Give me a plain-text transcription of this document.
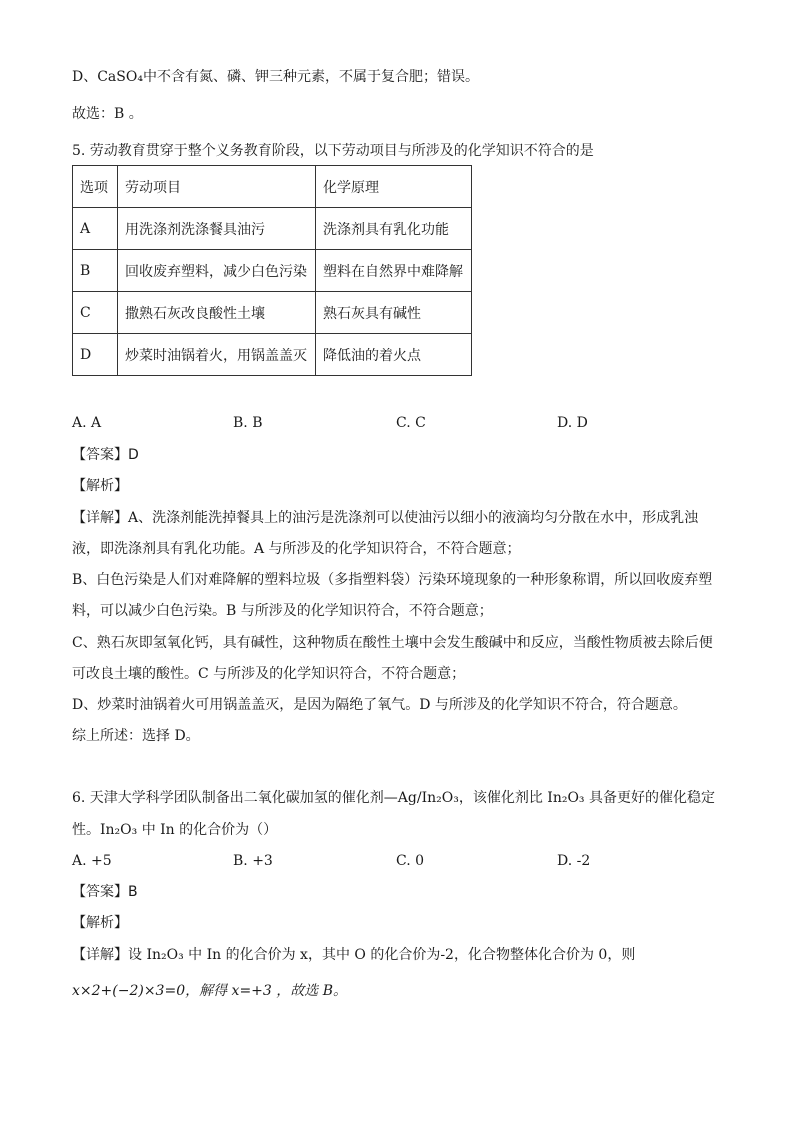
D、CaSO₄中不含有氮、磷、钾三种元素，不属于复合肥；错误。
故选：B 。
5. 劳动教育贯穿于整个义务教育阶段，以下劳动项目与所涉及的化学知识不符合的是
选项	劳动项目	化学原理
A	用洗涤剂洗涤餐具油污	洗涤剂具有乳化功能
B	回收废弃塑料，减少白色污染	塑料在自然界中难降解
C	撒熟石灰改良酸性土壤	熟石灰具有碱性
D	炒菜时油锅着火，用锅盖盖灭	降低油的着火点
A. A	B. B	C. C	D. D
【答案】D
【解析】
【详解】A、洗涤剂能洗掉餐具上的油污是洗涤剂可以使油污以细小的液滴均匀分散在水中，形成乳浊
液，即洗涤剂具有乳化功能。A 与所涉及的化学知识符合，不符合题意；
B、白色污染是人们对难降解的塑料垃圾（多指塑料袋）污染环境现象的一种形象称谓，所以回收废弃塑
料，可以减少白色污染。B 与所涉及的化学知识符合，不符合题意；
C、熟石灰即氢氧化钙，具有碱性，这种物质在酸性土壤中会发生酸碱中和反应，当酸性物质被去除后便
可改良土壤的酸性。C 与所涉及的化学知识符合，不符合题意；
D、炒菜时油锅着火可用锅盖盖灭，是因为隔绝了氧气。D 与所涉及的化学知识不符合，符合题意。
综上所述：选择 D。
6. 天津大学科学团队制备出二氧化碳加氢的催化剂—Ag/In₂O₃，该催化剂比 In₂O₃ 具备更好的催化稳定
性。In₂O₃ 中 In 的化合价为（）
A. +5	B. +3	C. 0	D. -2
【答案】B
【解析】
【详解】设 In₂O₃ 中 In 的化合价为 x，其中 O 的化合价为-2，化合物整体化合价为 0，则
x×2+(−2)×3=0，解得 x=+3 ，故选 B。
